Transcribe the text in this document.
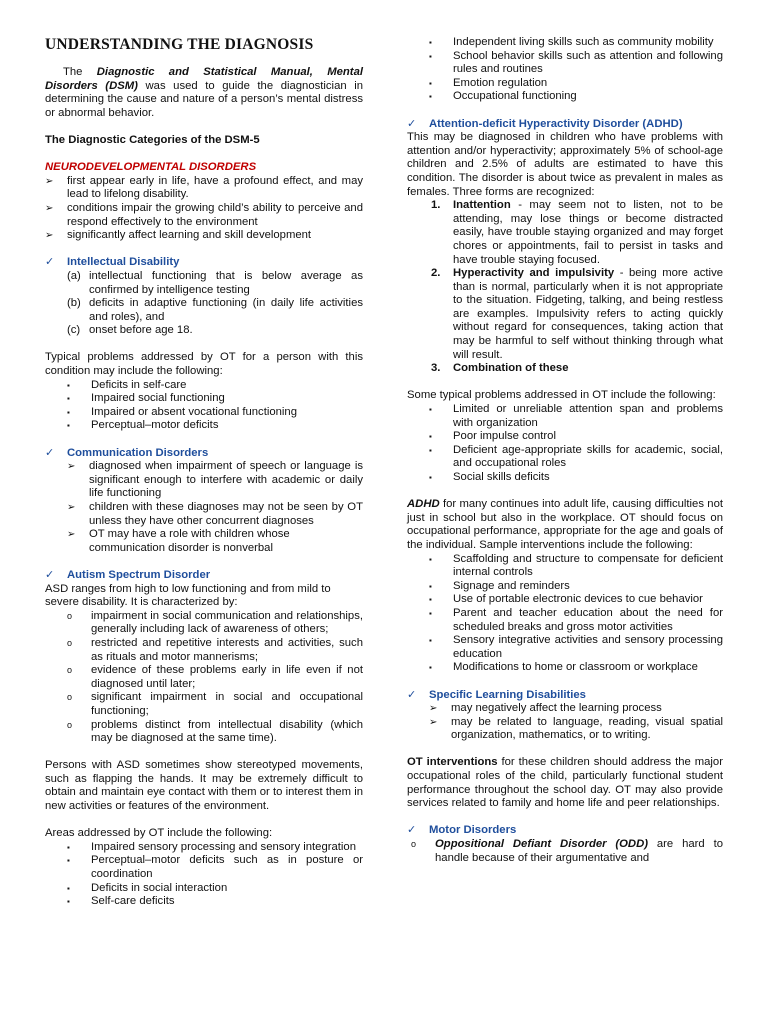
UNDERSTANDING THE DIAGNOSIS

The Diagnostic and Statistical Manual, Mental Disorders (DSM) was used to guide the diagnostician in determining the cause and nature of a person’s mental distress or abnormal behavior.

The Diagnostic Categories of the DSM-5

NEURODEVELOPMENTAL DISORDERS

➢	first appear early in life, have a profound effect, and may lead to lifelong disability.
➢	conditions impair the growing child’s ability to perceive and respond effectively to the environment
➢	significantly affect learning and skill development

✓	Intellectual Disability

(a) intellectual functioning that is below average as confirmed by intelligence testing
(b) deficits in adaptive functioning (in daily life activities and roles), and
(c) onset before age 18.

Typical problems addressed by OT for a person with this condition may include the following:

▪	Deficits in self-care
▪	Impaired social functioning
▪	Impaired or absent vocational functioning
▪	Perceptual–motor deficits

✓	Communication Disorders

➢	diagnosed when impairment of speech or language is significant enough to interfere with academic or daily life functioning
➢	children with these diagnoses may not be seen by OT unless they have other concurrent diagnoses
➢	OT may have a role with children whose communication disorder is nonverbal

✓	Autism Spectrum Disorder

ASD ranges from high to low functioning and from mild to severe disability. It is characterized by:

o	impairment in social communication and relationships, generally including lack of awareness of others;
o	restricted and repetitive interests and activities, such as rituals and motor mannerisms;
o	evidence of these problems early in life even if not diagnosed until later;
o	significant impairment in social and occupational functioning;
o	problems distinct from intellectual disability (which may be diagnosed at the same time).

Persons with ASD sometimes show stereotyped movements, such as flapping the hands. It may be extremely difficult to obtain and maintain eye contact with them or to interest them in new activities or features of the environment.

Areas addressed by OT include the following:

▪	Impaired sensory processing and sensory integration
▪	Perceptual–motor deficits such as in posture or coordination
▪	Deficits in social interaction
▪	Self-care deficits
▪	Independent living skills such as community mobility
▪	School behavior skills such as attention and following rules and routines
▪	Emotion regulation
▪	Occupational functioning

✓	Attention-deficit Hyperactivity Disorder (ADHD)

This may be diagnosed in children who have problems with attention and/or hyperactivity; approximately 5% of school-age children and 2.5% of adults are estimated to have this condition. The disorder is about twice as prevalent in males as females. Three forms are recognized:

1.	Inattention - may seem not to listen, not to be attending, may lose things or become distracted easily, have trouble staying organized and may forget chores or appointments, fail to persist in tasks and have trouble staying focused.
2.	Hyperactivity and impulsivity - being more active than is normal, particularly when it is not appropriate to the situation. Fidgeting, talking, and being restless are examples. Impulsivity refers to acting quickly without regard for consequences, taking action that may be harmful to self without thinking through what will result.
3.	Combination of these

Some typical problems addressed in OT include the following:

▪	Limited or unreliable attention span and problems with organization
▪	Poor impulse control
▪	Deficient age-appropriate skills for academic, social, and occupational roles
▪	Social skills deficits

ADHD for many continues into adult life, causing difficulties not just in school but also in the workplace. OT should focus on occupational performance, appropriate for the age and goals of the individual. Sample interventions include the following:

▪	Scaffolding and structure to compensate for deficient internal controls
▪	Signage and reminders
▪	Use of portable electronic devices to cue behavior
▪	Parent and teacher education about the need for scheduled breaks and gross motor activities
▪	Sensory integrative activities and sensory processing education
▪	Modifications to home or classroom or workplace

✓	Specific Learning Disabilities

➢	may negatively affect the learning process
➢	may be related to language, reading, visual spatial organization, mathematics, or to writing.

OT interventions for these children should address the major occupational roles of the child, particularly functional student performance throughout the school day. OT may also provide services related to family and home life and peer relationships.

✓	Motor Disorders

o	Oppositional Defiant Disorder (ODD) are hard to handle because of their argumentative and
